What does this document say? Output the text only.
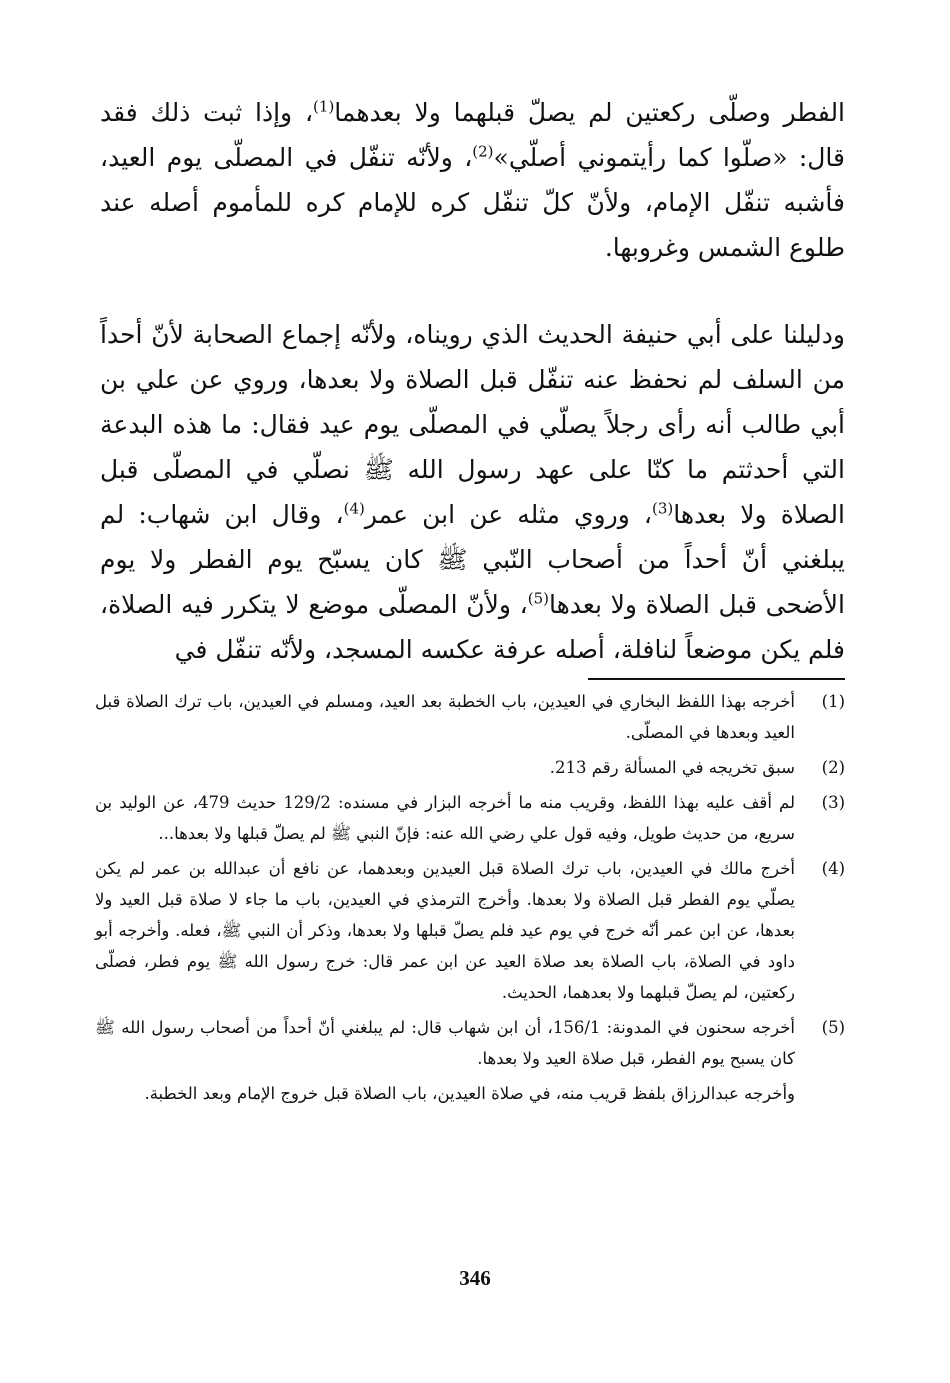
الفطر وصلّى ركعتين لم يصلّ قبلهما ولا بعدهما$^{(1)}$، وإذا ثبت ذلك فقد قال: «صلّوا كما رأيتموني أصلّي»$^{(2)}$، ولأنّه تنفّل في المصلّى يوم العيد، فأشبه تنفّل الإمام، ولأنّ كلّ تنفّل كره للإمام كره للمأموم أصله عند طلوع الشمس وغروبها.

ودليلنا على أبي حنيفة الحديث الذي رويناه، ولأنّه إجماع الصحابة لأنّ أحداً من السلف لم نحفظ عنه تنفّل قبل الصلاة ولا بعدها، وروي عن علي بن أبي طالب أنه رأى رجلاً يصلّي في المصلّى يوم عيد فقال: ما هذه البدعة التي أحدثتم ما كنّا على عهد رسول الله ﷺ نصلّي في المصلّى قبل الصلاة ولا بعدها$^{(3)}$، وروي مثله عن ابن عمر$^{(4)}$، وقال ابن شهاب: لم يبلغني أنّ أحداً من أصحاب النّبي ﷺ كان يسبّح يوم الفطر ولا يوم الأضحى قبل الصلاة ولا بعدها$^{(5)}$، ولأنّ المصلّى موضع لا يتكرر فيه الصلاة، فلم يكن موضعاً لنافلة، أصله عرفة عكسه المسجد، ولأنّه تنفّل في

(1)
أخرجه بهذا اللفظ البخاري في العيدين، باب الخطبة بعد العيد، ومسلم في العيدين، باب ترك الصلاة قبل العيد وبعدها في المصلّى.
(2)
سبق تخريجه في المسألة رقم 213.
(3)
لم أقف عليه بهذا اللفظ، وقريب منه ما أخرجه البزار في مسنده: 129/2 حديث 479، عن الوليد بن سريع، من حديث طويل، وفيه قول علي رضي الله عنه: فإنّ النبي ﷺ لم يصلّ قبلها ولا بعدها...
(4)
أخرج مالك في العيدين، باب ترك الصلاة قبل العيدين وبعدهما، عن نافع أن عبدالله بن عمر لم يكن يصلّي يوم الفطر قبل الصلاة ولا بعدها. وأخرج الترمذي في العيدين، باب ما جاء لا صلاة قبل العيد ولا بعدها، عن ابن عمر أنّه خرج في يوم عيد فلم يصلّ قبلها ولا بعدها، وذكر أن النبي ﷺ، فعله. وأخرجه أبو داود في الصلاة، باب الصلاة بعد صلاة العيد عن ابن عمر قال: خرج رسول الله ﷺ يوم فطر، فصلّى ركعتين، لم يصلّ قبلهما ولا بعدهما، الحديث.
(5)
أخرجه سحنون في المدونة: 156/1، أن ابن شهاب قال: لم يبلغني أنّ أحداً من أصحاب رسول الله ﷺ كان يسبح يوم الفطر، قبل صلاة العيد ولا بعدها.
وأخرجه عبدالرزاق بلفظ قريب منه، في صلاة العيدين، باب الصلاة قبل خروج الإمام وبعد الخطبة.
346
